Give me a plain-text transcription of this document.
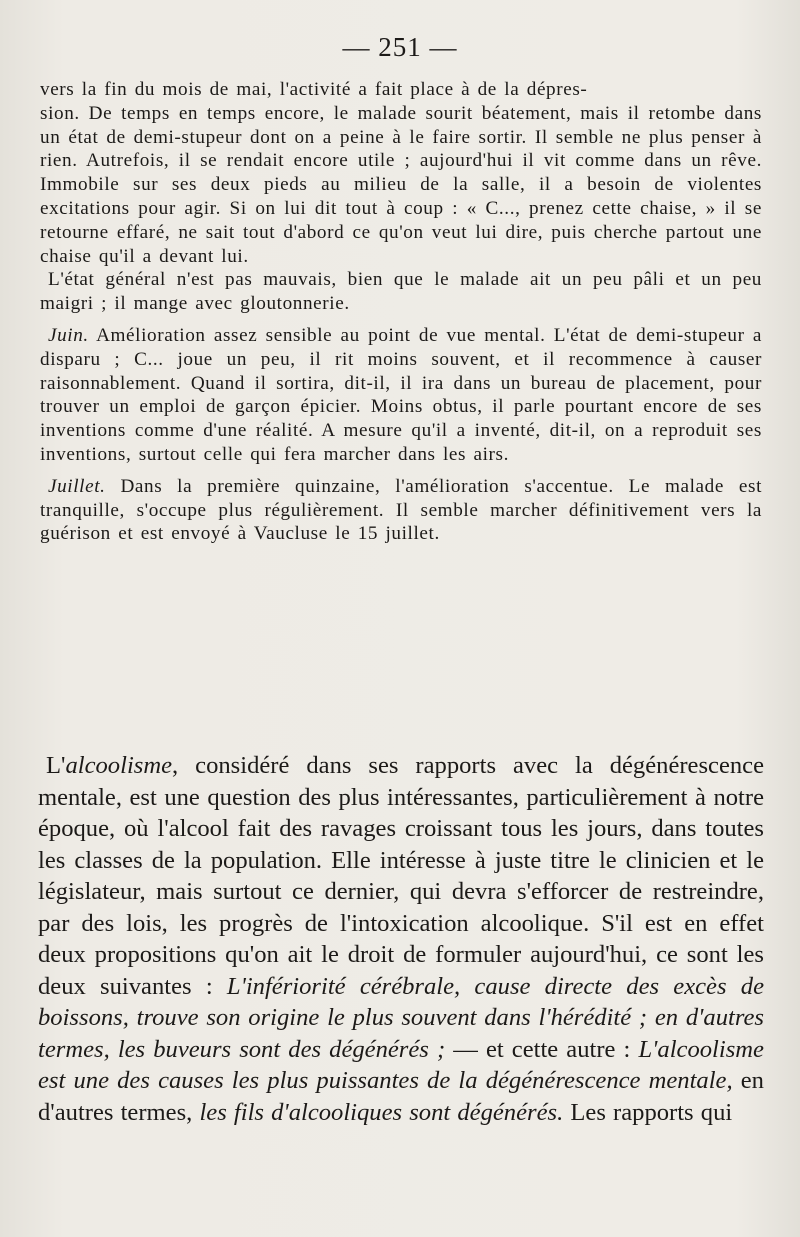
— 251 —

vers la fin du mois de mai, l'activité a fait place à de la dépres-
sion. De temps en temps encore, le malade sourit béatement, mais il retombe dans un état de demi-stupeur dont on a peine à le faire sortir. Il semble ne plus penser à rien. Autrefois, il se rendait encore utile ; aujourd'hui il vit comme dans un rêve. Immobile sur ses deux pieds au milieu de la salle, il a besoin de violentes excitations pour agir. Si on lui dit tout à coup : « C..., prenez cette chaise, » il se retourne effaré, ne sait tout d'abord ce qu'on veut lui dire, puis cherche partout une chaise qu'il a devant lui.

L'état général n'est pas mauvais, bien que le malade ait un peu pâli et un peu maigri ; il mange avec gloutonnerie.

Juin. Amélioration assez sensible au point de vue mental. L'état de demi-stupeur a disparu ; C... joue un peu, il rit moins souvent, et il recommence à causer raisonnablement. Quand il sortira, dit-il, il ira dans un bureau de placement, pour trouver un emploi de garçon épicier. Moins obtus, il parle pourtant encore de ses inventions comme d'une réalité. A mesure qu'il a inventé, dit-il, on a reproduit ses inventions, surtout celle qui fera marcher dans les airs.

Juillet. Dans la première quinzaine, l'amélioration s'accentue. Le malade est tranquille, s'occupe plus régulièrement. Il semble marcher définitivement vers la guérison et est envoyé à Vaucluse le 15 juillet.

L'alcoolisme, considéré dans ses rapports avec la dégénérescence mentale, est une question des plus intéressantes, particulièrement à notre époque, où l'alcool fait des ravages croissant tous les jours, dans toutes les classes de la population. Elle intéresse à juste titre le clinicien et le législateur, mais surtout ce dernier, qui devra s'efforcer de restreindre, par des lois, les progrès de l'intoxication alcoolique. S'il est en effet deux propositions qu'on ait le droit de formuler aujourd'hui, ce sont les deux suivantes : L'infériorité cérébrale, cause directe des excès de boissons, trouve son origine le plus souvent dans l'hérédité ; en d'autres termes, les buveurs sont des dégénérés ; — et cette autre : L'alcoolisme est une des causes les plus puissantes de la dégénérescence mentale, en d'autres termes, les fils d'alcooliques sont dégénérés. Les rapports qui
